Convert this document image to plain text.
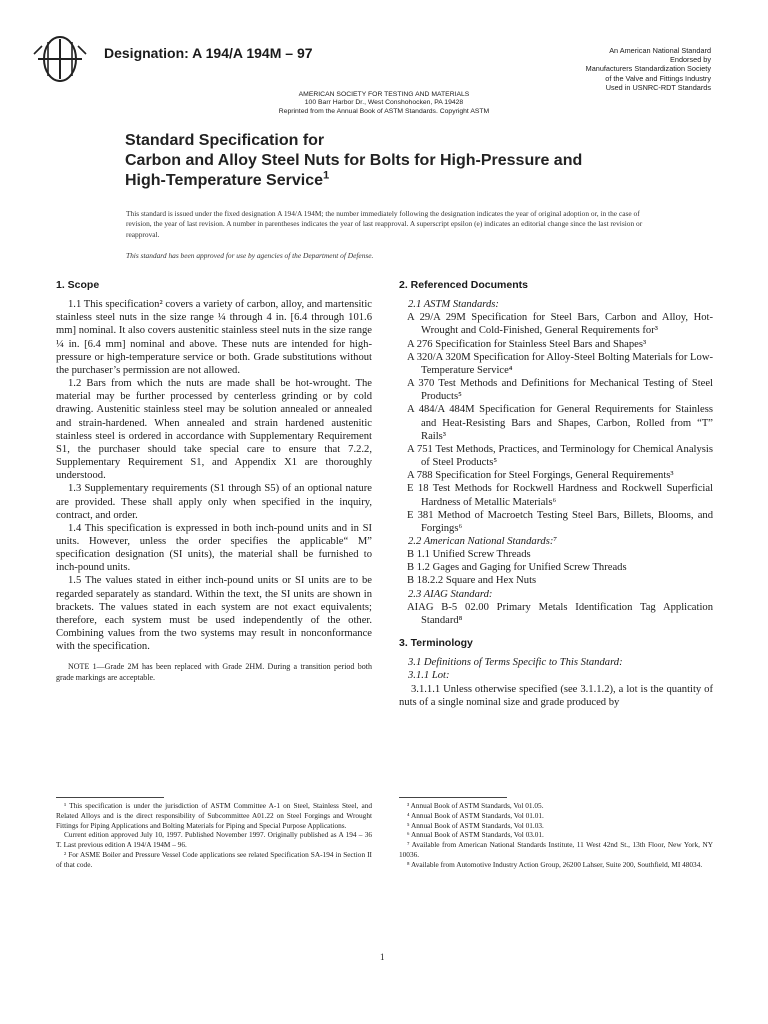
Designation: A 194/A 194M – 97	An American National Standard
Endorsed by
Manufacturers Standardization Society
of the Valve and Fittings Industry
Used in USNRC-RDT Standards
AMERICAN SOCIETY FOR TESTING AND MATERIALS
100 Barr Harbor Dr., West Conshohocken, PA 19428
Reprinted from the Annual Book of ASTM Standards. Copyright ASTM
Standard Specification for
Carbon and Alloy Steel Nuts for Bolts for High-Pressure and
High-Temperature Service$^1$
This standard is issued under the fixed designation A 194/A 194M; the number immediately following the designation indicates the year of original adoption or, in the case of revision, the year of last revision. A number in parentheses indicates the year of last reapproval. A superscript epsilon (e) indicates an editorial change since the last revision or reapproval.
This standard has been approved for use by agencies of the Department of Defense.
1. Scope

1.1 This specification² covers a variety of carbon, alloy, and martensitic stainless steel nuts in the size range ¼ through 4 in. [6.4 through 101.6 mm] nominal. It also covers austenitic stainless steel nuts in the size range ¼ in. [6.4 mm] nominal and above. These nuts are intended for high-pressure or high-temperature service or both. Grade substitutions without the purchaser’s permission are not allowed.

1.2 Bars from which the nuts are made shall be hot-wrought. The material may be further processed by centerless grinding or by cold drawing. Austenitic stainless steel may be solution annealed or annealed and strain-hardened. When annealed and strain hardened austenitic stainless steel is ordered in accordance with Supplementary Requirement S1, the purchaser should take special care to ensure that 7.2.2, Supplementary Requirement S1, and Appendix X1 are thoroughly understood.

1.3 Supplementary requirements (S1 through S5) of an optional nature are provided. These shall apply only when specified in the inquiry, contract, and order.

1.4 This specification is expressed in both inch-pound units and in SI units. However, unless the order specifies the applicable“ M” specification designation (SI units), the material shall be furnished to inch-pound units.

1.5 The values stated in either inch-pound units or SI units are to be regarded separately as standard. Within the text, the SI units are shown in brackets. The values stated in each system are not exact equivalents; therefore, each system must be used independently of the other. Combining values from the two systems may result in nonconformance with the specification.

NOTE 1—Grade 2M has been replaced with Grade 2HM. During a transition period both grade markings are acceptable.

2. Referenced Documents

2.1 ASTM Standards:

A 29/A 29M Specification for Steel Bars, Carbon and Alloy, Hot-Wrought and Cold-Finished, General Requirements for³

A 276 Specification for Stainless Steel Bars and Shapes³

A 320/A 320M Specification for Alloy-Steel Bolting Materials for Low-Temperature Service⁴

A 370 Test Methods and Definitions for Mechanical Testing of Steel Products⁵

A 484/A 484M Specification for General Requirements for Stainless and Heat-Resisting Bars and Shapes, Carbon, Rolled from “T” Rails³

A 751 Test Methods, Practices, and Terminology for Chemical Analysis of Steel Products⁵

A 788 Specification for Steel Forgings, General Requirements³

E 18 Test Methods for Rockwell Hardness and Rockwell Superficial Hardness of Metallic Materials⁶

E 381 Method of Macroetch Testing Steel Bars, Billets, Blooms, and Forgings⁶

2.2 American National Standards:⁷

B 1.1 Unified Screw Threads

B 1.2 Gages and Gaging for Unified Screw Threads

B 18.2.2 Square and Hex Nuts

2.3 AIAG Standard:

AIAG B-5 02.00 Primary Metals Identification Tag Application Standard⁸

3. Terminology

3.1 Definitions of Terms Specific to This Standard:

3.1.1 Lot:

3.1.1.1 Unless otherwise specified (see 3.1.1.2), a lot is the quantity of nuts of a single nominal size and grade produced by

¹ This specification is under the jurisdiction of ASTM Committee A-1 on Steel, Stainless Steel, and Related Alloys and is the direct responsibility of Subcommittee A01.22 on Steel Forgings and Wrought Fittings for Piping Applications and Bolting Materials for Piping and Special Purpose Applications.

Current edition approved July 10, 1997. Published November 1997. Originally published as A 194 – 36 T. Last previous edition A 194/A 194M – 96.

² For ASME Boiler and Pressure Vessel Code applications see related Specification SA-194 in Section II of that code.

³ Annual Book of ASTM Standards, Vol 01.05.

⁴ Annual Book of ASTM Standards, Vol 01.01.

⁵ Annual Book of ASTM Standards, Vol 01.03.

⁶ Annual Book of ASTM Standards, Vol 03.01.

⁷ Available from American National Standards Institute, 11 West 42nd St., 13th Floor, New York, NY 10036.

⁸ Available from Automotive Industry Action Group, 26200 Lahser, Suite 200, Southfield, MI 48034.

1
